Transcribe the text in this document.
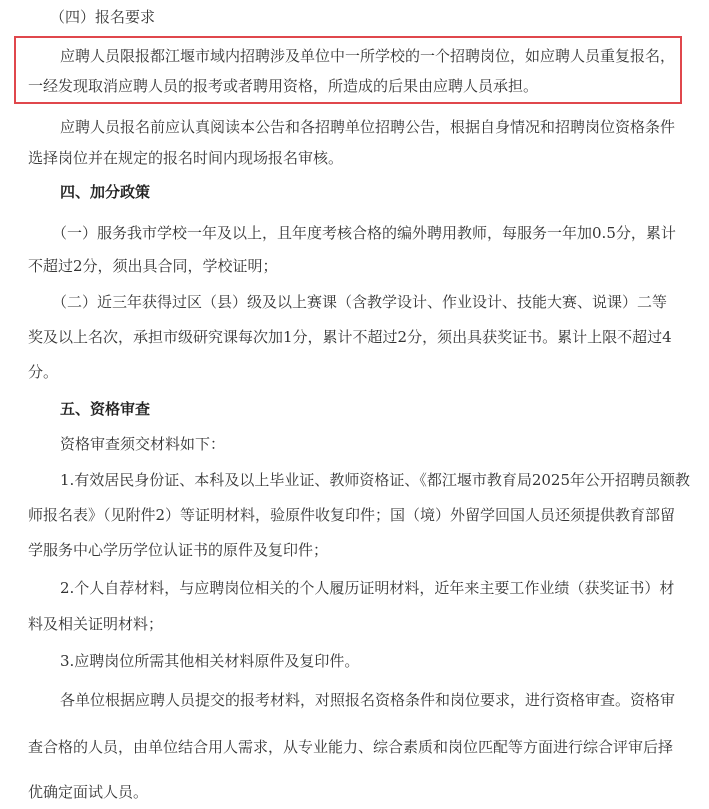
（四）报名要求
应聘人员限报都江堰市域内招聘涉及单位中一所学校的一个招聘岗位，如应聘人员重复报名，
一经发现取消应聘人员的报考或者聘用资格，所造成的后果由应聘人员承担。
应聘人员报名前应认真阅读本公告和各招聘单位招聘公告，根据自身情况和招聘岗位资格条件
选择岗位并在规定的报名时间内现场报名审核。
四、加分政策
（一）服务我市学校一年及以上，且年度考核合格的编外聘用教师，每服务一年加0.5分，累计
不超过2分，须出具合同，学校证明；
（二）近三年获得过区（县）级及以上赛课（含教学设计、作业设计、技能大赛、说课）二等
奖及以上名次，承担市级研究课每次加1分，累计不超过2分，须出具获奖证书。累计上限不超过4
分。
五、资格审查
资格审查须交材料如下：
1.有效居民身份证、本科及以上毕业证、教师资格证、《都江堰市教育局2025年公开招聘员额教
师报名表》（见附件2）等证明材料，验原件收复印件；国（境）外留学回国人员还须提供教育部留
学服务中心学历学位认证书的原件及复印件；
2.个人自荐材料，与应聘岗位相关的个人履历证明材料，近年来主要工作业绩（获奖证书）材
料及相关证明材料；
3.应聘岗位所需其他相关材料原件及复印件。
各单位根据应聘人员提交的报考材料，对照报名资格条件和岗位要求，进行资格审查。资格审
查合格的人员，由单位结合用人需求，从专业能力、综合素质和岗位匹配等方面进行综合评审后择
优确定面试人员。
